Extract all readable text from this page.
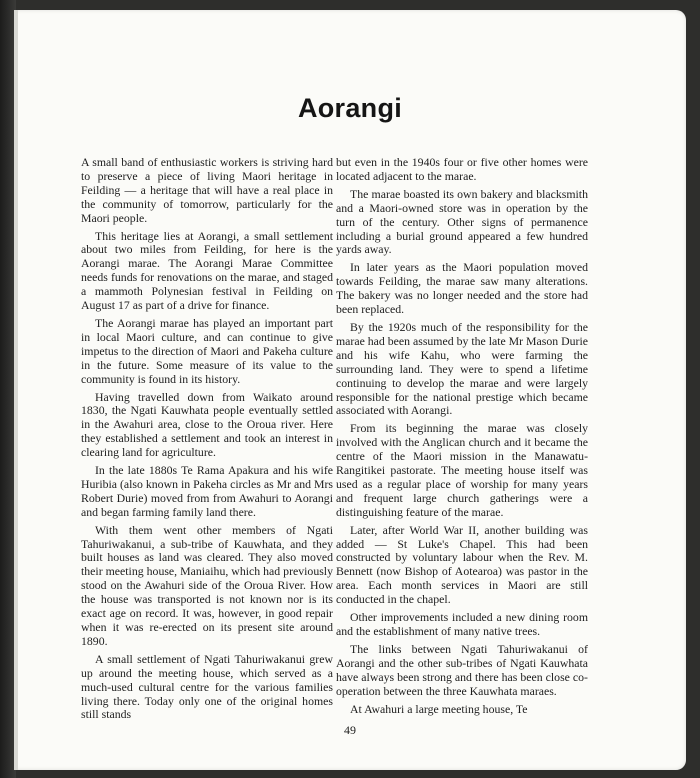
Aorangi

A small band of enthusiastic workers is striving hard to preserve a piece of living Maori heritage in Feilding — a heritage that will have a real place in the community of tomorrow, particularly for the Maori people.

This heritage lies at Aorangi, a small settlement about two miles from Feilding, for here is the Aorangi marae. The Aorangi Marae Committee needs funds for renovations on the marae, and staged a mammoth Polynesian festival in Feilding on August 17 as part of a drive for finance.

The Aorangi marae has played an important part in local Maori culture, and can continue to give impetus to the direction of Maori and Pakeha culture in the future. Some measure of its value to the community is found in its history.

Having travelled down from Waikato around 1830, the Ngati Kauwhata people eventually settled in the Awahuri area, close to the Oroua river. Here they established a settlement and took an interest in clearing land for agriculture.

In the late 1880s Te Rama Apakura and his wife Huribia (also known in Pakeha circles as Mr and Mrs Robert Durie) moved from from Awahuri to Aorangi and began farming family land there.

With them went other members of Ngati Tahuriwakanui, a sub-tribe of Kauwhata, and they built houses as land was cleared. They also moved their meeting house, Maniaihu, which had previously stood on the Awahuri side of the Oroua River. How the house was transported is not known nor is its exact age on record. It was, however, in good repair when it was re-erected on its present site around 1890.

A small settlement of Ngati Tahuriwakanui grew up around the meeting house, which served as a much-used cultural centre for the various families living there. Today only one of the original homes still stands

but even in the 1940s four or five other homes were located adjacent to the marae.

The marae boasted its own bakery and blacksmith and a Maori-owned store was in operation by the turn of the century. Other signs of permanence including a burial ground appeared a few hundred yards away.

In later years as the Maori population moved towards Feilding, the marae saw many alterations. The bakery was no longer needed and the store had been replaced.

By the 1920s much of the responsibility for the marae had been assumed by the late Mr Mason Durie and his wife Kahu, who were farming the surrounding land. They were to spend a lifetime continuing to develop the marae and were largely responsible for the national prestige which became associated with Aorangi.

From its beginning the marae was closely involved with the Anglican church and it became the centre of the Maori mission in the Manawatu-Rangitikei pastorate. The meeting house itself was used as a regular place of worship for many years and frequent large church gatherings were a distinguishing feature of the marae.

Later, after World War II, another building was added — St Luke's Chapel. This had been constructed by voluntary labour when the Rev. M. Bennett (now Bishop of Aotearoa) was pastor in the area. Each month services in Maori are still conducted in the chapel.

Other improvements included a new dining room and the establishment of many native trees.

The links between Ngati Tahuriwakanui of Aorangi and the other sub-tribes of Ngati Kauwhata have always been strong and there has been close co-operation between the three Kauwhata maraes.

At Awahuri a large meeting house, Te

49
